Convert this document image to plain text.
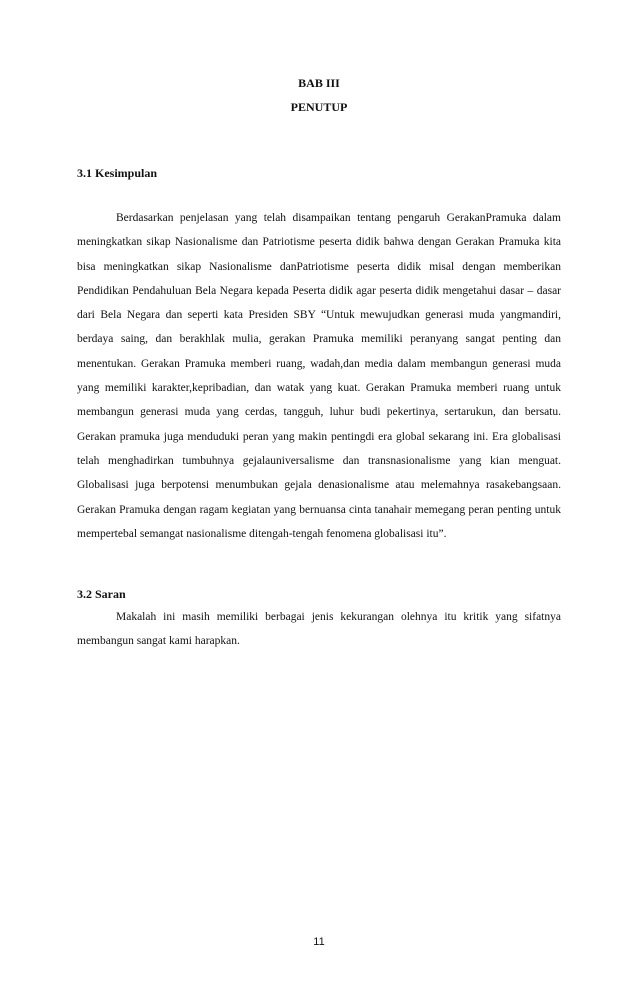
BAB III
PENUTUP
3.1 Kesimpulan

Berdasarkan penjelasan yang telah disampaikan tentang pengaruh GerakanPramuka dalam meningkatkan sikap Nasionalisme dan Patriotisme peserta didik bahwa dengan Gerakan Pramuka kita bisa meningkatkan sikap Nasionalisme danPatriotisme peserta didik misal dengan memberikan Pendidikan Pendahuluan Bela Negara kepada Peserta didik agar peserta didik mengetahui dasar – dasar dari Bela Negara dan seperti kata Presiden SBY “Untuk mewujudkan generasi muda yangmandiri, berdaya saing, dan berakhlak mulia, gerakan Pramuka memiliki peranyang sangat penting dan menentukan. Gerakan Pramuka memberi ruang, wadah,dan media dalam membangun generasi muda yang memiliki karakter,kepribadian, dan watak yang kuat. Gerakan Pramuka memberi ruang untuk membangun generasi muda yang cerdas, tangguh, luhur budi pekertinya, sertarukun, dan bersatu. Gerakan pramuka juga menduduki peran yang makin pentingdi era global sekarang ini. Era globalisasi telah menghadirkan tumbuhnya gejalauniversalisme dan transnasionalisme yang kian menguat. Globalisasi juga berpotensi menumbukan gejala denasionalisme atau melemahnya rasakebangsaan. Gerakan Pramuka dengan ragam kegiatan yang bernuansa cinta tanahair memegang peran penting untuk mempertebal semangat nasionalisme ditengah-tengah fenomena globalisasi itu”.

3.2 Saran

Makalah ini masih memiliki berbagai jenis kekurangan olehnya itu kritik yang sifatnya membangun sangat kami harapkan.

11
